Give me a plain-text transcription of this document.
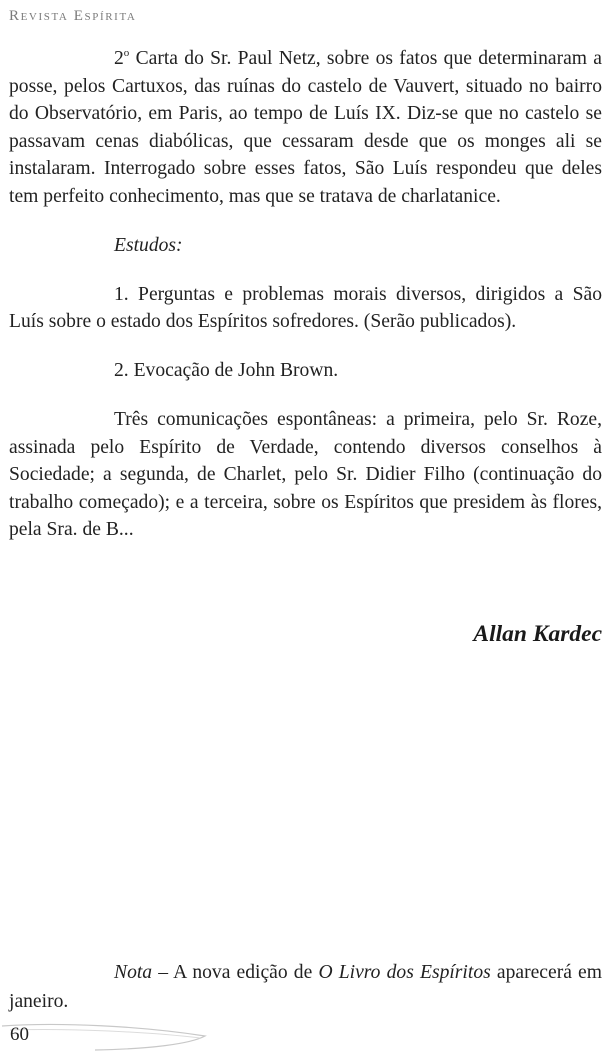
Revista Espírita

2$^o$ Carta do Sr. Paul Netz, sobre os fatos que determinaram a posse, pelos Cartuxos, das ruínas do castelo de Vauvert, situado no bairro do Observatório, em Paris, ao tempo de Luís IX. Diz-se que no castelo se passavam cenas diabólicas, que cessaram desde que os monges ali se instalaram. Interrogado sobre esses fatos, São Luís respondeu que deles tem perfeito conhecimento, mas que se tratava de charlatanice.

Estudos:

1. Perguntas e problemas morais diversos, dirigidos a São Luís sobre o estado dos Espíritos sofredores. (Serão publicados).

2. Evocação de John Brown.

Três comunicações espontâneas: a primeira, pelo Sr. Roze, assinada pelo Espírito de Verdade, contendo diversos conselhos à Sociedade; a segunda, de Charlet, pelo Sr. Didier Filho (continuação do trabalho começado); e a terceira, sobre os Espíritos que presidem às flores, pela Sra. de B...

Allan Kardec

Nota – A nova edição de O Livro dos Espíritos aparecerá em janeiro.

60
